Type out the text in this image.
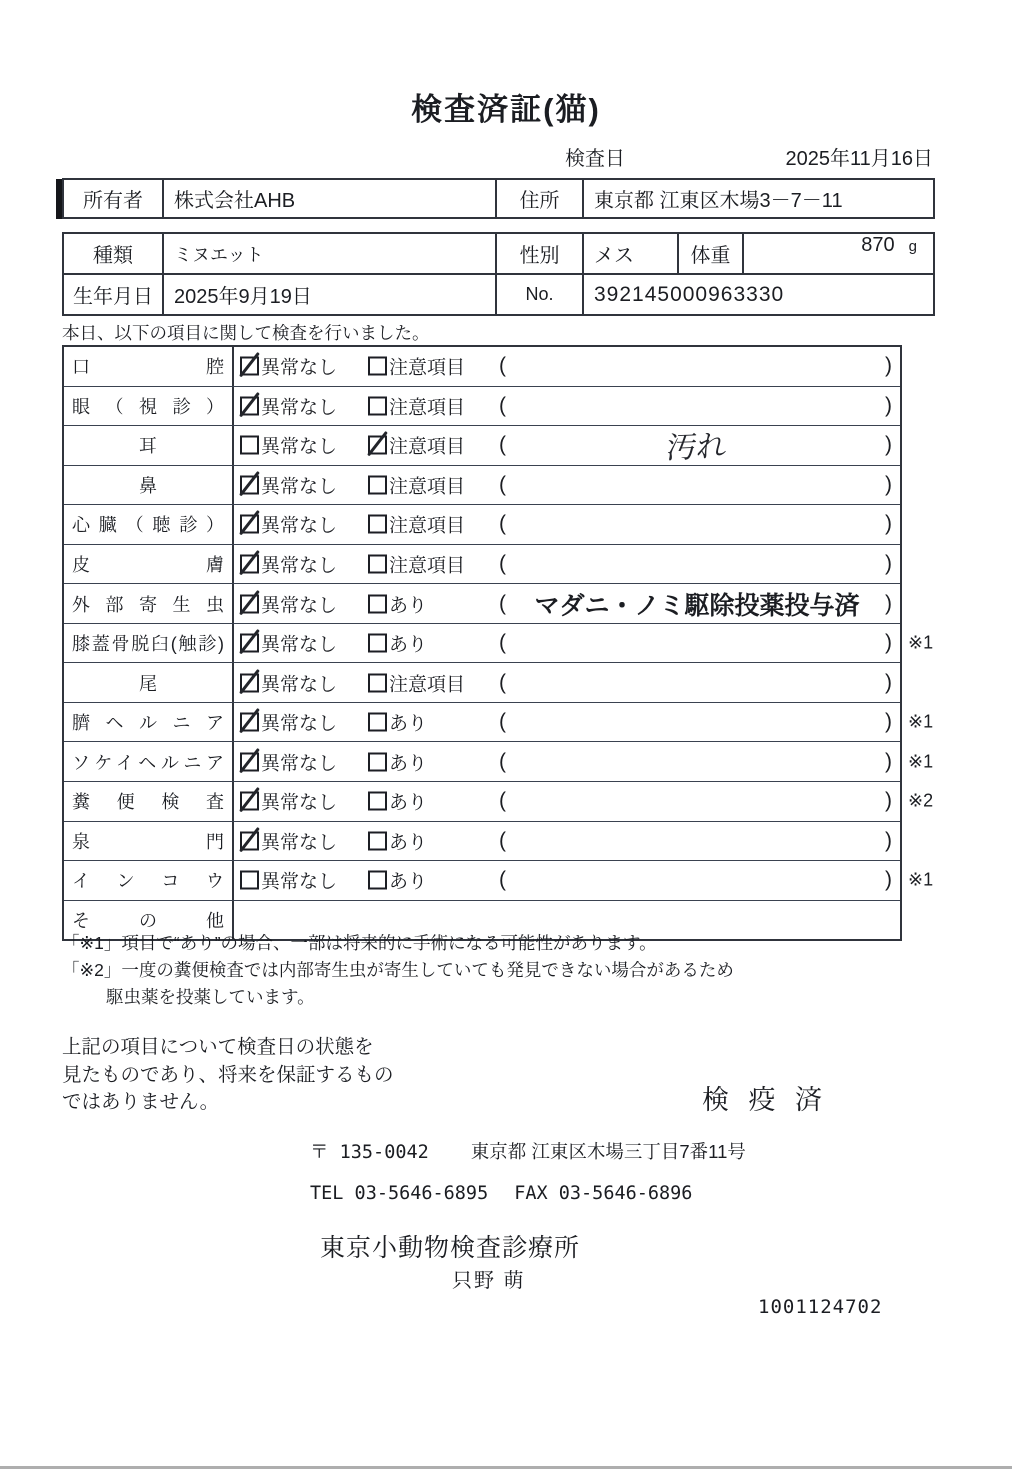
検査済証(猫)
検査日	2025年11月16日
所有者	株式会社AHB	住所	東京都 江東区木場3－7－11
種類	ミヌエット	性別	メス	体重	870 g
生年月日	2025年9月19日	No.	392145000963330
本日、以下の項目に関して検査を行いました。
口腔 異常なし	注意項目 (	)
眼（視診） 異常なし	注意項目 (	)
耳	異常なし	注意項目 (	汚れ	)
鼻	異常なし	注意項目 (	)
心臓（聴診） 異常なし	注意項目 (	)
皮膚 異常なし	注意項目 (	)
外部寄生虫 異常なし	あり	(	マダニ・ノミ駆除投薬投与済	)
膝蓋骨脱臼(触診) 異常なし	あり	(	) ※1
尾	異常なし	注意項目 (	)
臍ヘルニア 異常なし	あり	(	) ※1
ソケイヘルニア 異常なし	あり	(	) ※1
糞便検査 異常なし	あり	(	) ※2
泉門 異常なし	あり	(	)
インコウ 異常なし	あり	(	) ※1
その他
「※1」項目で“あり”の場合、一部は将来的に手術になる可能性があります。
「※2」一度の糞便検査では内部寄生虫が寄生していても発見できない場合があるため
駆虫薬を投薬しています。
上記の項目について検査日の状態を
見たものであり、将来を保証するもの
ではありません。	検 疫 済
〒 135-0042 東京都 江東区木場三丁目7番11号
TEL 03-5646-6895 FAX 03-5646-6896
東京小動物検査診療所
只野 萌
1001124702
